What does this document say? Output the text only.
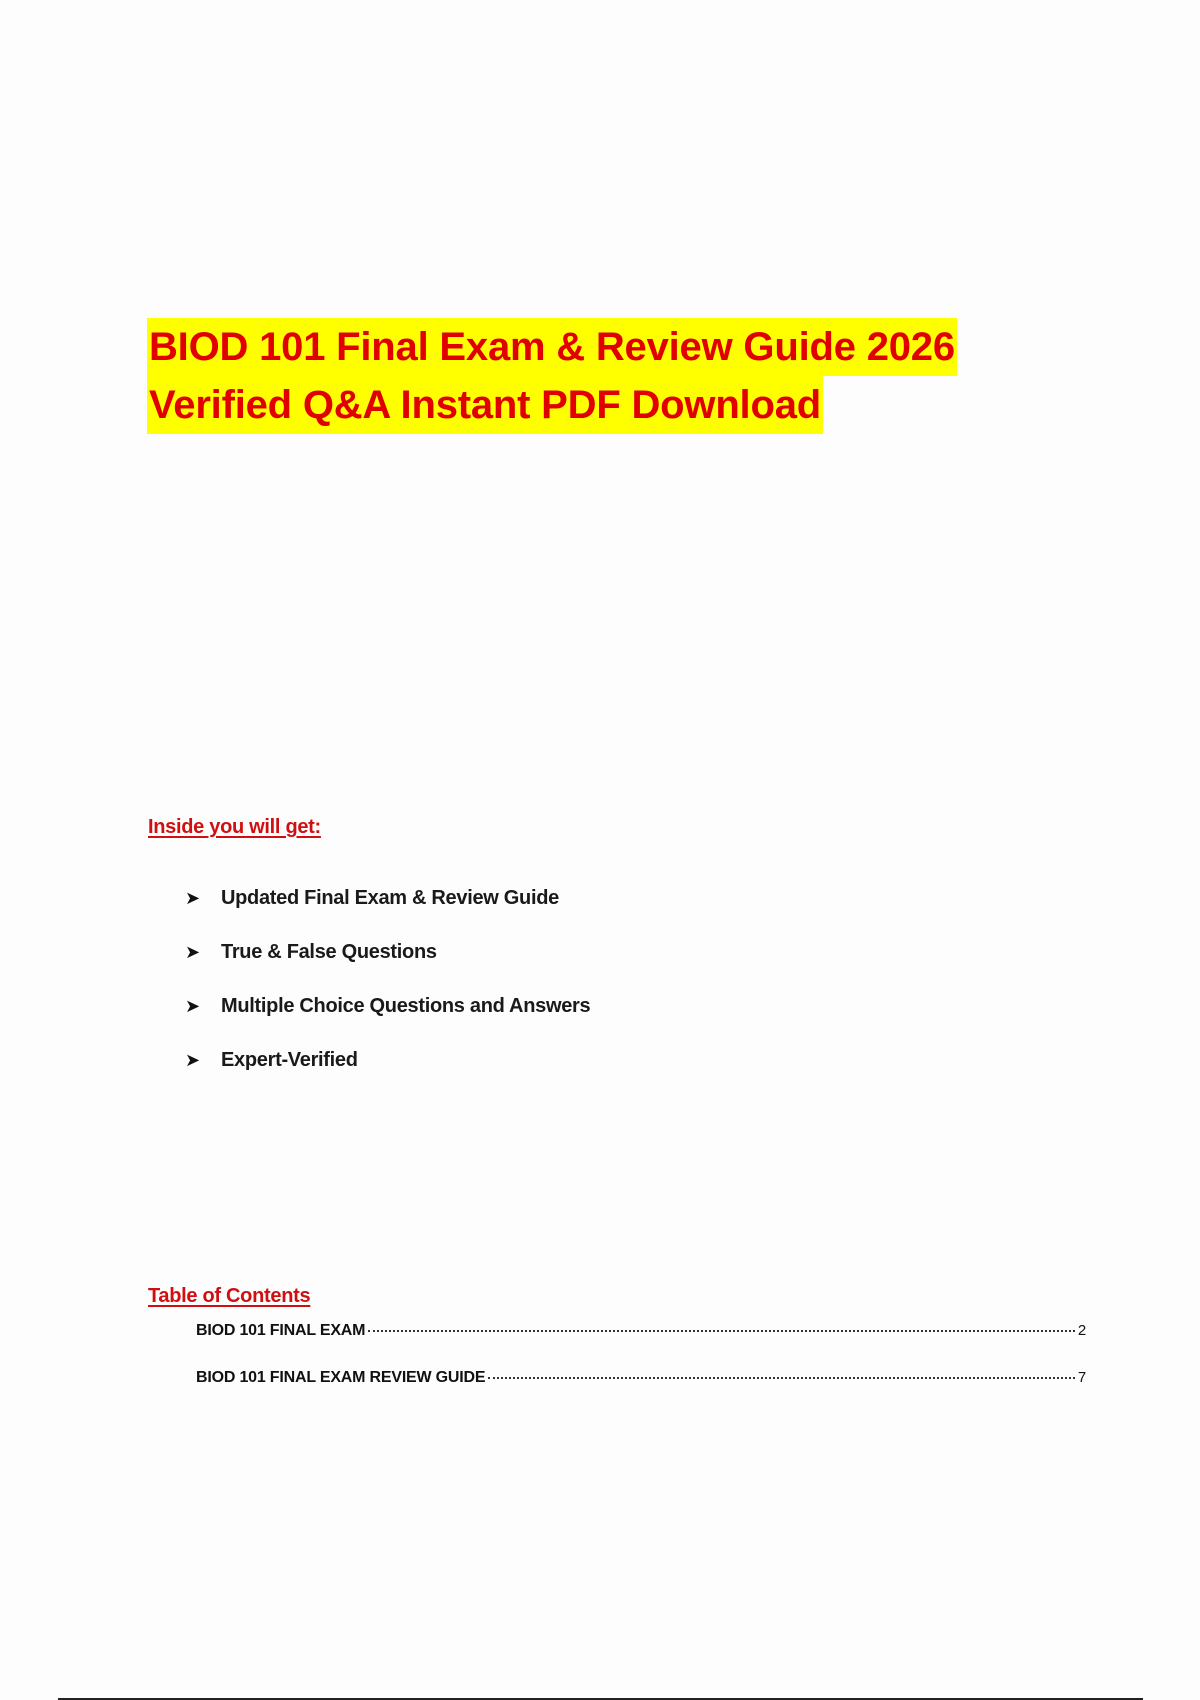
BIOD 101 Final Exam & Review Guide 2026
Verified Q&A Instant PDF Download
Inside you will get:
➤	Updated Final Exam & Review Guide
➤	True & False Questions
➤	Multiple Choice Questions and Answers
➤	Expert-Verified
Table of Contents
BIOD 101 FINAL EXAM	2
BIOD 101 FINAL EXAM REVIEW GUIDE	7
